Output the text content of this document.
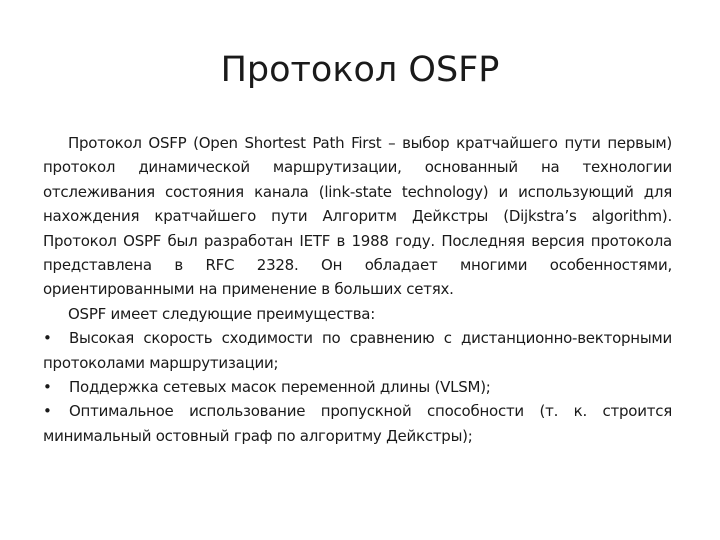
Протокол OSFP

Протокол OSFP (Open Shortest Path First – выбор кратчайшего пути первым) протокол динамической маршрутизации, основанный на технологии отслеживания состояния канала (link-state technology) и использующий для нахождения кратчайшего пути Алгоритм Дейкстры (Dijkstra’s algorithm). Протокол OSPF был разработан IETF в 1988 году. Последняя версия протокола представлена в RFC 2328. Он обладает многими особенностями, ориентированными на применение в больших сетях.

OSPF имеет следующие преимущества:

• Высокая скорость сходимости по сравнению с дистанционно-векторными протоколами маршрутизации;

• Поддержка сетевых масок переменной длины (VLSM);

• Оптимальное использование пропускной способности (т. к. строится минимальный остовный граф по алгоритму Дейкстры);
